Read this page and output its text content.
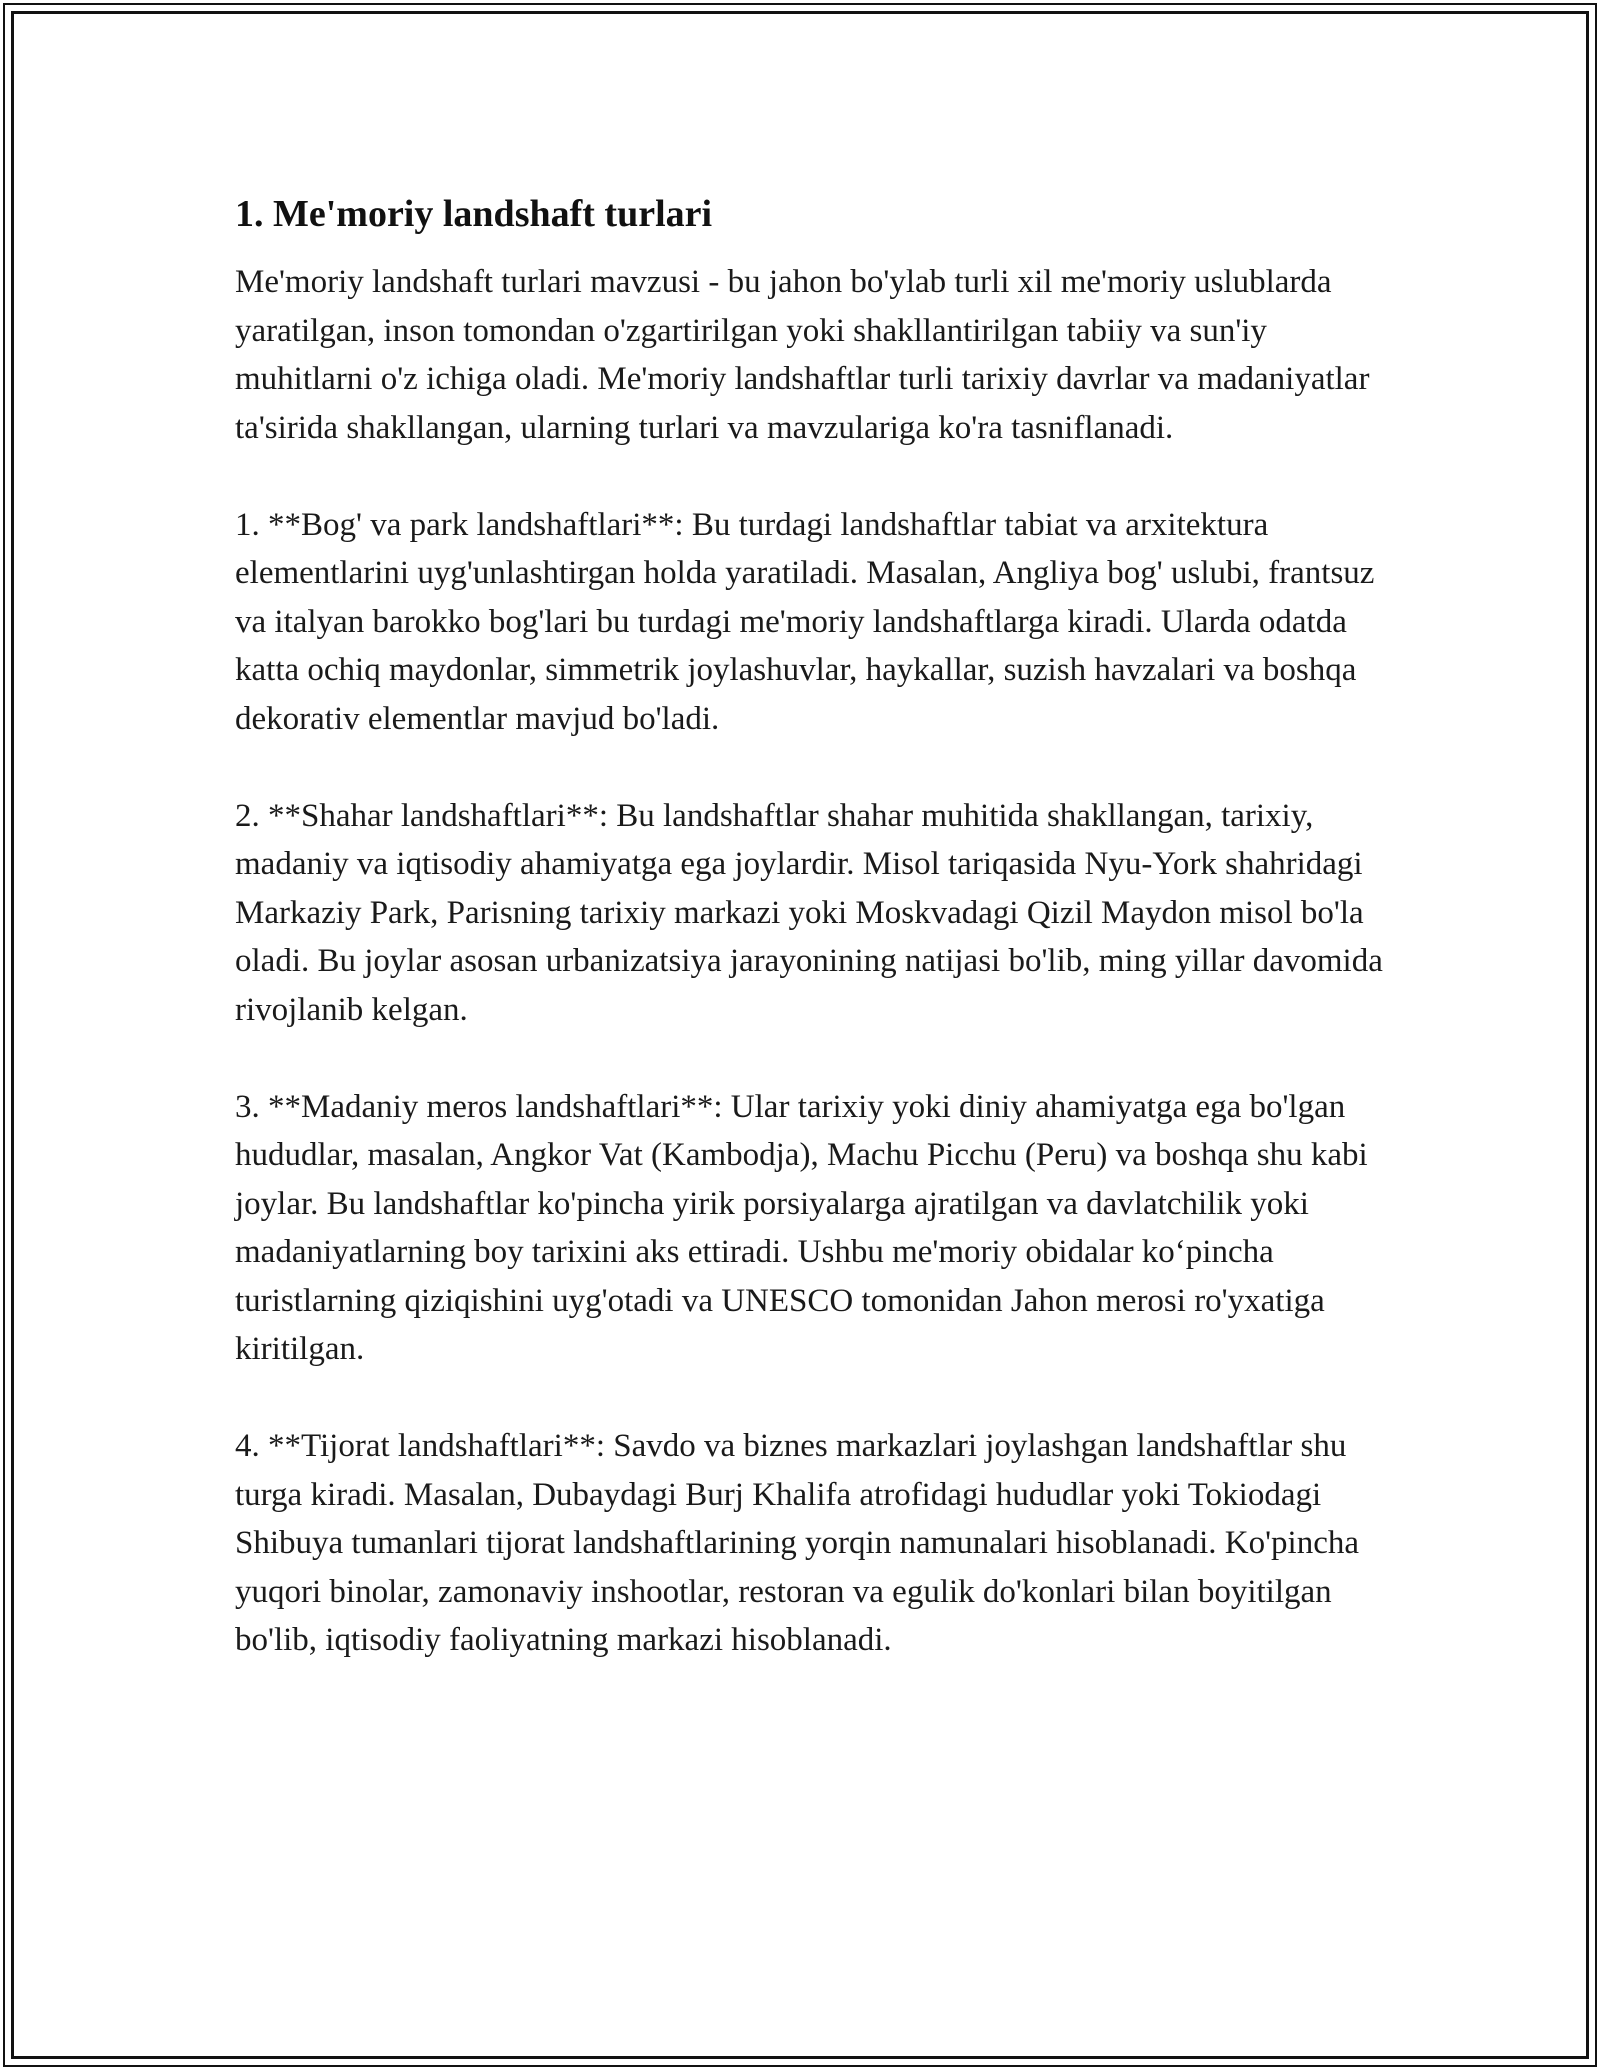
1. Me'moriy landshaft turlari

Me'moriy landshaft turlari mavzusi - bu jahon bo'ylab turli xil me'moriy uslublarda yaratilgan, inson tomondan o'zgartirilgan yoki shakllantirilgan tabiiy va sun'iy muhitlarni o'z ichiga oladi. Me'moriy landshaftlar turli tarixiy davrlar va madaniyatlar ta'sirida shakllangan, ularning turlari va mavzulariga ko'ra tasniflanadi.

1. **Bog' va park landshaftlari**: Bu turdagi landshaftlar tabiat va arxitektura elementlarini uyg'unlashtirgan holda yaratiladi. Masalan, Angliya bog' uslubi, frantsuz va italyan barokko bog'lari bu turdagi me'moriy landshaftlarga kiradi. Ularda odatda katta ochiq maydonlar, simmetrik joylashuvlar, haykallar, suzish havzalari va boshqa dekorativ elementlar mavjud bo'ladi.

2. **Shahar landshaftlari**: Bu landshaftlar shahar muhitida shakllangan, tarixiy, madaniy va iqtisodiy ahamiyatga ega joylardir. Misol tariqasida Nyu-York shahridagi Markaziy Park, Parisning tarixiy markazi yoki Moskvadagi Qizil Maydon misol bo'la oladi. Bu joylar asosan urbanizatsiya jarayonining natijasi bo'lib, ming yillar davomida rivojlanib kelgan.

3. **Madaniy meros landshaftlari**: Ular tarixiy yoki diniy ahamiyatga ega bo'lgan hududlar, masalan, Angkor Vat (Kambodja), Machu Picchu (Peru) va boshqa shu kabi joylar. Bu landshaftlar ko'pincha yirik porsiyalarga ajratilgan va davlatchilik yoki madaniyatlarning boy tarixini aks ettiradi. Ushbu me'moriy obidalar ko‘pincha turistlarning qiziqishini uyg'otadi va UNESCO tomonidan Jahon merosi ro'yxatiga kiritilgan.

4. **Tijorat landshaftlari**: Savdo va biznes markazlari joylashgan landshaftlar shu turga kiradi. Masalan, Dubaydagi Burj Khalifa atrofidagi hududlar yoki Tokiodagi Shibuya tumanlari tijorat landshaftlarining yorqin namunalari hisoblanadi. Ko'pincha yuqori binolar, zamonaviy inshootlar, restoran va egulik do'konlari bilan boyitilgan bo'lib, iqtisodiy faoliyatning markazi hisoblanadi.
